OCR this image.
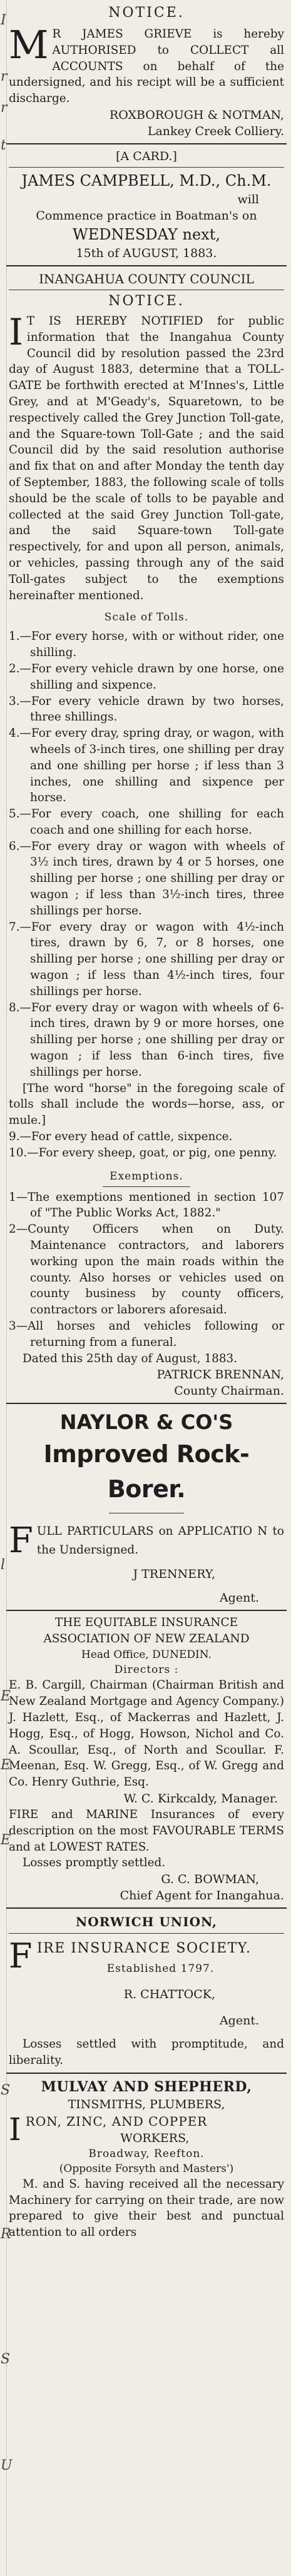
I
r
r
t
l
E
E
E
S
R
S
U

NOTICE.

M R JAMES GRIEVE is hereby AUTHORISED to COLLECT all ACCOUNTS on behalf of the undersigned, and his recipt will be a sufficient discharge.

ROXBOROUGH & NOTMAN,

Lankey Creek Colliery.

[A CARD.]

JAMES CAMPBELL, M.D., Ch.M.

will

Commence practice in Boatman's on

WEDNESDAY next,

15th of AUGUST, 1883.

INANGAHUA COUNTY COUNCIL

NOTICE.

I T IS HEREBY NOTIFIED for public information that the Inangahua County Council did by resolution passed the 23rd day of August 1883, determine that a TOLL-GATE be forthwith erected at M'Innes's, Little Grey, and at M'Geady's, Squaretown, to be respectively called the Grey Junction Toll-gate, and the Square-town Toll-Gate ; and the said Council did by the said resolution authorise and fix that on and after Monday the tenth day of September, 1883, the following scale of tolls should be the scale of tolls to be payable and collected at the said Grey Junction Toll-gate, and the said Square-town Toll-gate respectively, for and upon all person, animals, or vehicles, passing through any of the said Toll-gates subject to the exemptions hereinafter mentioned.

Scale of Tolls.

1.—For every horse, with or without rider, one shilling.

2.—For every vehicle drawn by one horse, one shilling and sixpence.

3.—For every vehicle drawn by two horses, three shillings.

4.—For every dray, spring dray, or wagon, with wheels of 3-inch tires, one shilling per dray and one shilling per horse ; if less than 3 inches, one shilling and sixpence per horse.

5.—For every coach, one shilling for each coach and one shilling for each horse.

6.—For every dray or wagon with wheels of 3½ inch tires, drawn by 4 or 5 horses, one shilling per horse ; one shilling per dray or wagon ; if less than 3½-inch tires, three shillings per horse.

7.—For every dray or wagon with 4½-inch tires, drawn by 6, 7, or 8 horses, one shilling per horse ; one shilling per dray or wagon ; if less than 4½-inch tires, four shillings per horse.

8.—For every dray or wagon with wheels of 6-inch tires, drawn by 9 or more horses, one shilling per horse ; one shilling per dray or wagon ; if less than 6-inch tires, five shillings per horse.

[The word "horse" in the foregoing scale of tolls shall include the words—horse, ass, or mule.]

9.—For every head of cattle, sixpence.

10.—For every sheep, goat, or pig, one penny.

Exemptions.

1—The exemptions mentioned in section 107 of "The Public Works Act, 1882."

2—County Officers when on Duty. Maintenance contractors, and laborers working upon the main roads within the county. Also horses or vehicles used on county business by county officers, contractors or laborers aforesaid.

3—All horses and vehicles following or returning from a funeral.

Dated this 25th day of August, 1883.

PATRICK BRENNAN,

County Chairman.

NAYLOR & CO'S

Improved Rock-Borer.

FULL PARTICULARS on APPLICATIO N to the Undersigned.

J TRENNERY,

Agent.

THE EQUITABLE INSURANCE

ASSOCIATION OF NEW ZEALAND

Head Office, DUNEDIN.

Directors :

E. B. Cargill, Chairman (Chairman British and New Zealand Mortgage and Agency Company.) J. Hazlett, Esq., of Mackerras and Hazlett, J. Hogg, Esq., of Hogg, Howson, Nichol and Co. A. Scoullar, Esq., of North and Scoullar. F. Meenan, Esq. W. Gregg, Esq., of W. Gregg and Co. Henry Guthrie, Esq.

W. C. Kirkcaldy, Manager.

FIRE and MARINE Insurances of every description on the most FAVOURABLE TERMS and at LOWEST RATES.

Losses promptly settled.

G. C. BOWMAN,

Chief Agent for Inangahua.

NORWICH UNION,

FIRE INSURANCE SOCIETY.

Established 1797.

R. CHATTOCK,

Agent.

Losses settled with promptitude, and liberality.

MULVAY AND SHEPHERD,

TINSMITHS, PLUMBERS,

IRON, ZINC, AND COPPER

WORKERS,

Broadway, Reefton.

(Opposite Forsyth and Masters')

M. and S. having received all the necessary Machinery for carrying on their trade, are now prepared to give their best and punctual attention to all orders
